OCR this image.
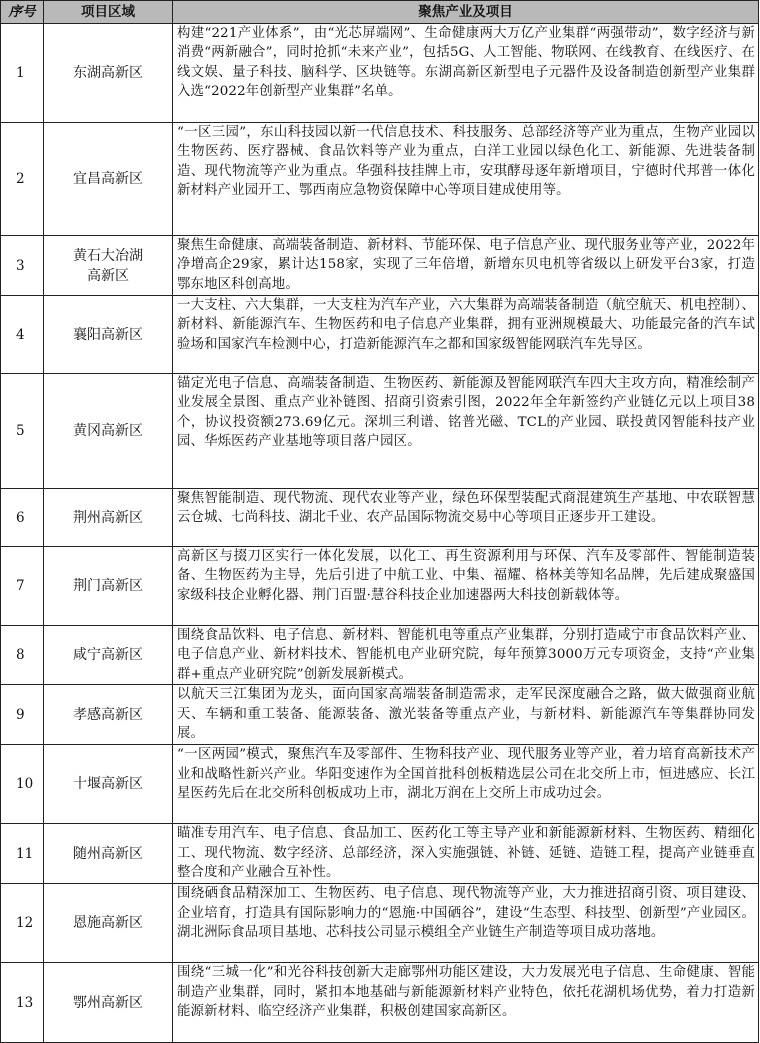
序号	项目区域	聚焦产业及项目
1	东湖高新区	构建“221产业体系”，由“光芯屏端网”、生命健康两大万亿产业集群“两强带动”，数字经济与新消费“两新融合”，同时抢抓“未来产业”，包括5G、人工智能、物联网、在线教育、在线医疗、在线文娱、量子科技、脑科学、区块链等。东湖高新区新型电子元器件及设备制造创新型产业集群入选“2022年创新型产业集群”名单。
2	宜昌高新区	“一区三园”，东山科技园以新一代信息技术、科技服务、总部经济等产业为重点，生物产业园以生物医药、医疗器械、食品饮料等产业为重点，白洋工业园以绿色化工、新能源、先进装备制造、现代物流等产业为重点。华强科技挂牌上市，安琪酵母逐年新增项目，宁德时代邦普一体化新材料产业园开工、鄂西南应急物资保障中心等项目建成使用等。
3	黄石大冶湖高新区	聚焦生命健康、高端装备制造、新材料、节能环保、电子信息产业、现代服务业等产业，2022年净增高企29家，累计达158家，实现了三年倍增，新增东贝电机等省级以上研发平台3家，打造鄂东地区科创高地。
4	襄阳高新区	一大支柱、六大集群，一大支柱为汽车产业，六大集群为高端装备制造（航空航天、机电控制）、新材料、新能源汽车、生物医药和电子信息产业集群，拥有亚洲规模最大、功能最完备的汽车试验场和国家汽车检测中心，打造新能源汽车之都和国家级智能网联汽车先导区。
5	黄冈高新区	锚定光电子信息、高端装备制造、生物医药、新能源及智能网联汽车四大主攻方向，精准绘制产业发展全景图、重点产业补链图、招商引资索引图，2022年全年新签约产业链亿元以上项目38个，协议投资额273.69亿元。深圳三利谱、铭普光磁、TCL的产业园、联投黄冈智能科技产业园、华烁医药产业基地等项目落户园区。
6	荆州高新区	聚焦智能制造、现代物流、现代农业等产业，绿色环保型装配式商混建筑生产基地、中农联智慧云仓城、七尚科技、湖北千业、农产品国际物流交易中心等项目正逐步开工建设。
7	荆门高新区	高新区与掇刀区实行一体化发展，以化工、再生资源利用与环保、汽车及零部件、智能制造装备、生物医药为主导，先后引进了中航工业、中集、福耀、格林美等知名品牌，先后建成聚盛国家级科技企业孵化器、荆门百盟·慧谷科技企业加速器两大科技创新载体等。
8	咸宁高新区	围绕食品饮料、电子信息、新材料、智能机电等重点产业集群，分别打造咸宁市食品饮料产业、电子信息产业、新材料技术、智能机电产业研究院，每年预算3000万元专项资金，支持“产业集群+重点产业研究院”创新发展新模式。
9	孝感高新区	以航天三江集团为龙头，面向国家高端装备制造需求，走军民深度融合之路，做大做强商业航天、车辆和重工装备、能源装备、激光装备等重点产业，与新材料、新能源汽车等集群协同发展。
10	十堰高新区	“一区两园”模式，聚焦汽车及零部件、生物科技产业、现代服务业等产业，着力培育高新技术产业和战略性新兴产业。华阳变速作为全国首批科创板精选层公司在北交所上市，恒进感应、长江星医药先后在北交所科创板成功上市，湖北万润在上交所上市成功过会。
11	随州高新区	瞄准专用汽车、电子信息、食品加工、医药化工等主导产业和新能源新材料、生物医药、精细化工、现代物流、数字经济、总部经济，深入实施强链、补链、延链、造链工程，提高产业链垂直整合度和产业融合互补性。
12	恩施高新区	围绕硒食品精深加工、生物医药、电子信息、现代物流等产业，大力推进招商引资、项目建设、企业培育，打造具有国际影响力的“恩施·中国硒谷”，建设“生态型、科技型、创新型”产业园区。湖北洲际食品项目基地、芯科技公司显示模组全产业链生产制造等项目成功落地。
13	鄂州高新区	围绕“三城一化”和光谷科技创新大走廊鄂州功能区建设，大力发展光电子信息、生命健康、智能制造产业集群，同时，紧扣本地基础与新能源新材料产业特色，依托花湖机场优势，着力打造新能源新材料、临空经济产业集群，积极创建国家高新区。
